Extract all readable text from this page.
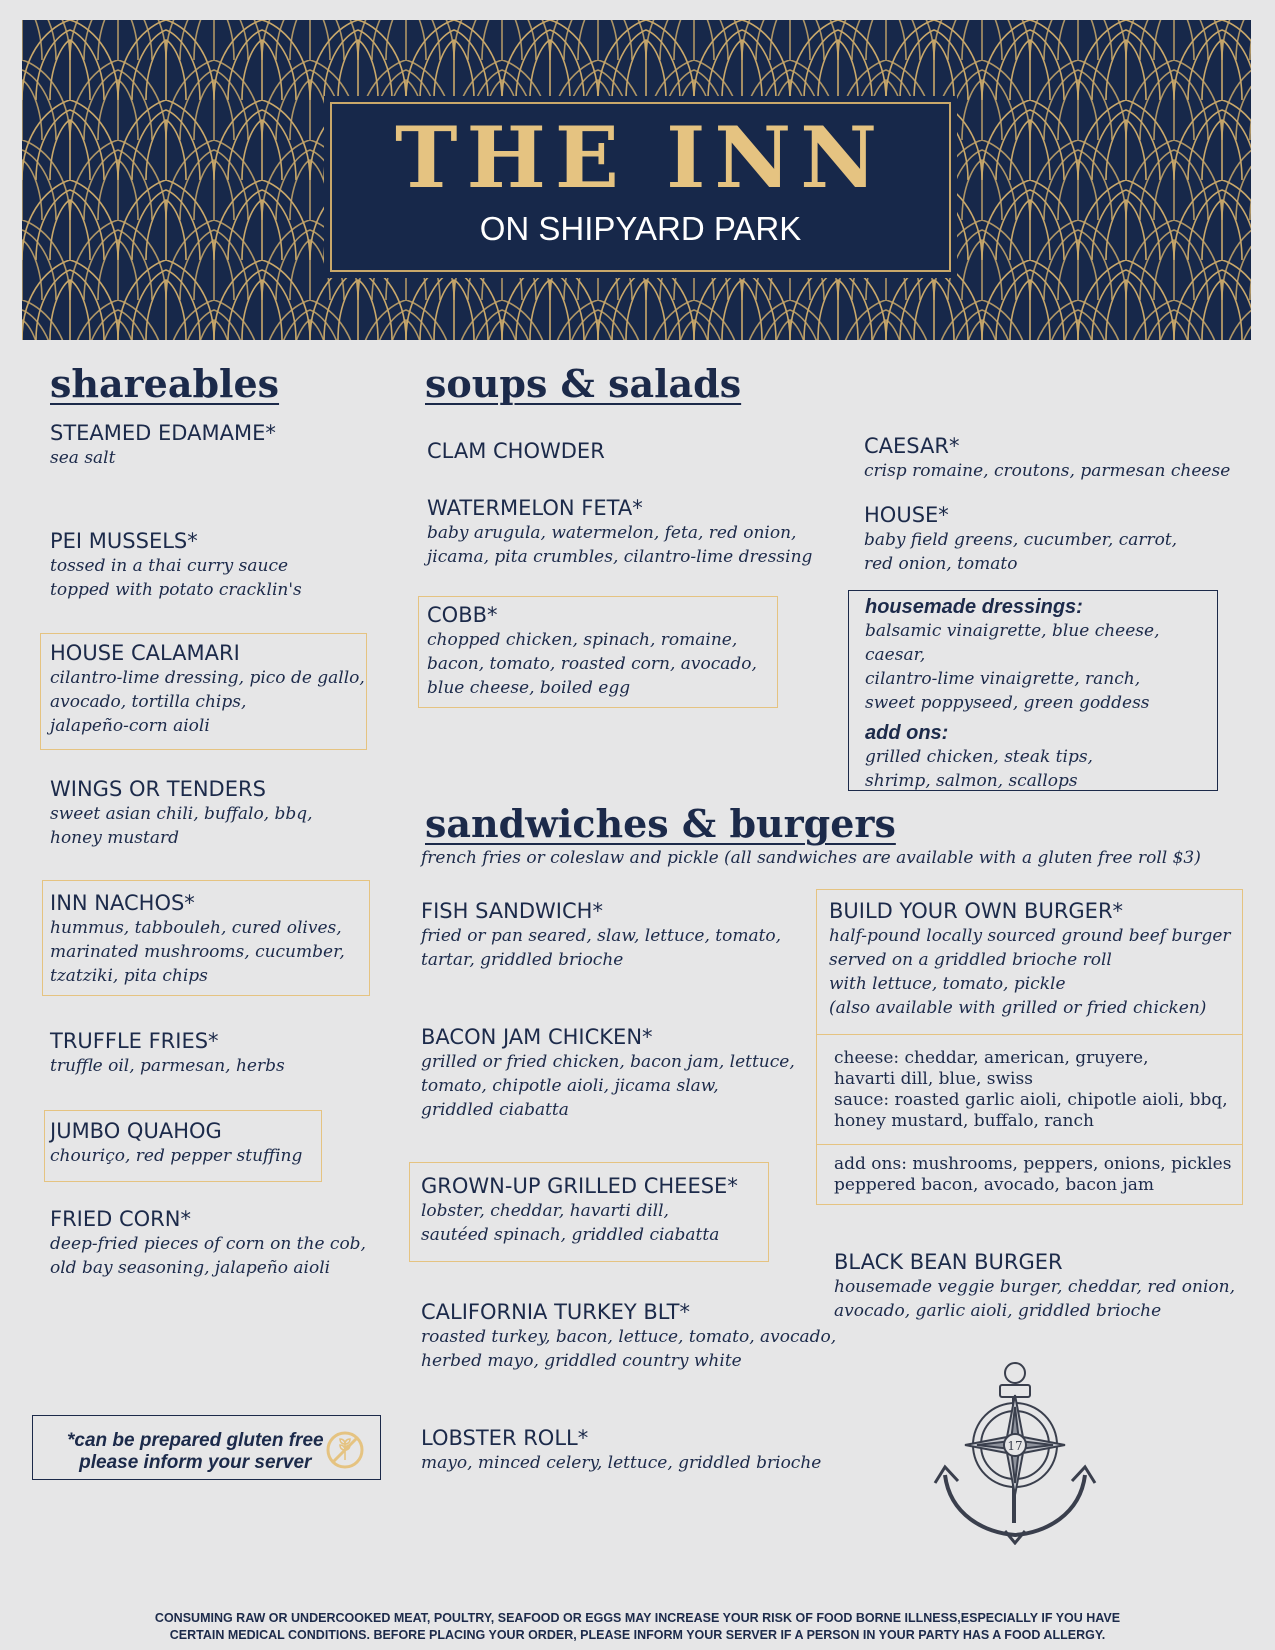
THE INN
ON SHIPYARD PARK
shareables
STEAMED EDAMAME*
sea salt
PEI MUSSELS*
tossed in a thai curry sauce
topped with potato cracklin's
HOUSE CALAMARI
cilantro-lime dressing, pico de gallo,
avocado, tortilla chips,
jalapeño-corn aioli
WINGS OR TENDERS
sweet asian chili, buffalo, bbq,
honey mustard
INN NACHOS*
hummus, tabbouleh, cured olives,
marinated mushrooms, cucumber,
tzatziki, pita chips
TRUFFLE FRIES*
truffle oil, parmesan, herbs
JUMBO QUAHOG
chouriço, red pepper stuffing
FRIED CORN*
deep-fried pieces of corn on the cob,
old bay seasoning, jalapeño aioli
*can be prepared gluten free
please inform your server
soups & salads
CLAM CHOWDER
WATERMELON FETA*
baby arugula, watermelon, feta, red onion,
jicama, pita crumbles, cilantro-lime dressing
COBB*
chopped chicken, spinach, romaine,
bacon, tomato, roasted corn, avocado,
blue cheese, boiled egg
CAESAR*
crisp romaine, croutons, parmesan cheese
HOUSE*
baby field greens, cucumber, carrot,
red onion, tomato
housemade dressings:
balsamic vinaigrette, blue cheese, caesar,
cilantro-lime vinaigrette, ranch,
sweet poppyseed, green goddess
add ons:
grilled chicken, steak tips,
shrimp, salmon, scallops
sandwiches & burgers
french fries or coleslaw and pickle (all sandwiches are available with a gluten free roll $3)
FISH SANDWICH*
fried or pan seared, slaw, lettuce, tomato,
tartar, griddled brioche
BACON JAM CHICKEN*
grilled or fried chicken, bacon jam, lettuce,
tomato, chipotle aioli, jicama slaw,
griddled ciabatta
GROWN-UP GRILLED CHEESE*
lobster, cheddar, havarti dill,
sautéed spinach, griddled ciabatta
CALIFORNIA TURKEY BLT*
roasted turkey, bacon, lettuce, tomato, avocado,
herbed mayo, griddled country white
LOBSTER ROLL*
mayo, minced celery, lettuce, griddled brioche
BUILD YOUR OWN BURGER*
half-pound locally sourced ground beef burger
served on a griddled brioche roll
with lettuce, tomato, pickle
(also available with grilled or fried chicken)
cheese: cheddar, american, gruyere,
havarti dill, blue, swiss
sauce: roasted garlic aioli, chipotle aioli, bbq,
honey mustard, buffalo, ranch
add ons: mushrooms, peppers, onions, pickles
peppered bacon, avocado, bacon jam
BLACK BEAN BURGER
housemade veggie burger, cheddar, red onion,
avocado, garlic aioli, griddled brioche
17
CONSUMING RAW OR UNDERCOOKED MEAT, POULTRY, SEAFOOD OR EGGS MAY INCREASE YOUR RISK OF FOOD BORNE ILLNESS,ESPECIALLY IF YOU HAVE
CERTAIN MEDICAL CONDITIONS. BEFORE PLACING YOUR ORDER, PLEASE INFORM YOUR SERVER IF A PERSON IN YOUR PARTY HAS A FOOD ALLERGY.
